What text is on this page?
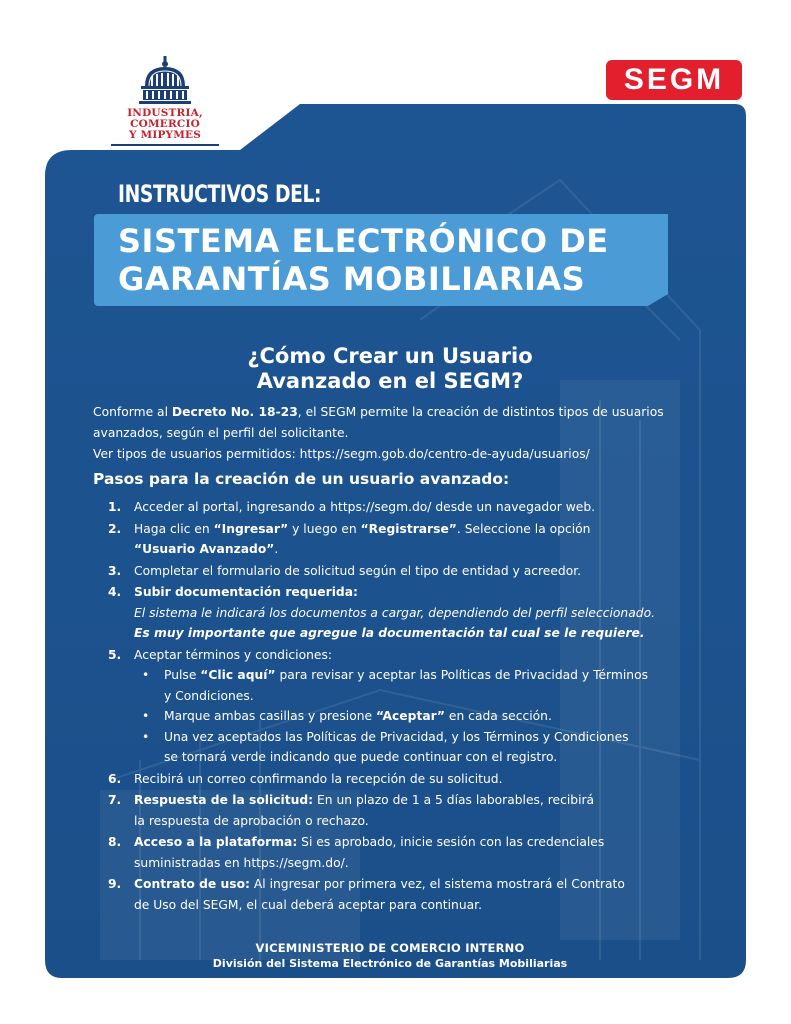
INDUSTRIA, COMERCIO
Y MIPYMES
SEGM
INSTRUCTIVOS DEL:
SISTEMA ELECTRÓNICO DE
GARANTÍAS MOBILIARIAS
¿Cómo Crear un Usuario
Avanzado en el SEGM?

Conforme al Decreto No. 18-23, el SEGM permite la creación de distintos tipos de usuarios avanzados, según el perfil del solicitante.

Ver tipos de usuarios permitidos: https://segm.gob.do/centro-de-ayuda/usuarios/

Pasos para la creación de un usuario avanzado:
1. Acceder al portal, ingresando a https://segm.do/ desde un navegador web.
2. Haga clic en “Ingresar” y luego en “Registrarse”. Seleccione la opción
“Usuario Avanzado”.
3. Completar el formulario de solicitud según el tipo de entidad y acreedor.
4. Subir documentación requerida:
El sistema le indicará los documentos a cargar, dependiendo del perfil seleccionado.
Es muy importante que agregue la documentación tal cual se le requiere.
5. Aceptar términos y condiciones:
• Pulse “Clic aquí” para revisar y aceptar las Políticas de Privacidad y Términos
y Condiciones.
• Marque ambas casillas y presione “Aceptar” en cada sección.
• Una vez aceptados las Políticas de Privacidad, y los Términos y Condiciones
se tornará verde indicando que puede continuar con el registro.
6. Recibirá un correo confirmando la recepción de su solicitud.
7. Respuesta de la solicitud: En un plazo de 1 a 5 días laborables, recibirá
la respuesta de aprobación o rechazo.
8. Acceso a la plataforma: Si es aprobado, inicie sesión con las credenciales
suministradas en https://segm.do/.
9. Contrato de uso: Al ingresar por primera vez, el sistema mostrará el Contrato
de Uso del SEGM, el cual deberá aceptar para continuar.
VICEMINISTERIO DE COMERCIO INTERNO
División del Sistema Electrónico de Garantías Mobiliarias
